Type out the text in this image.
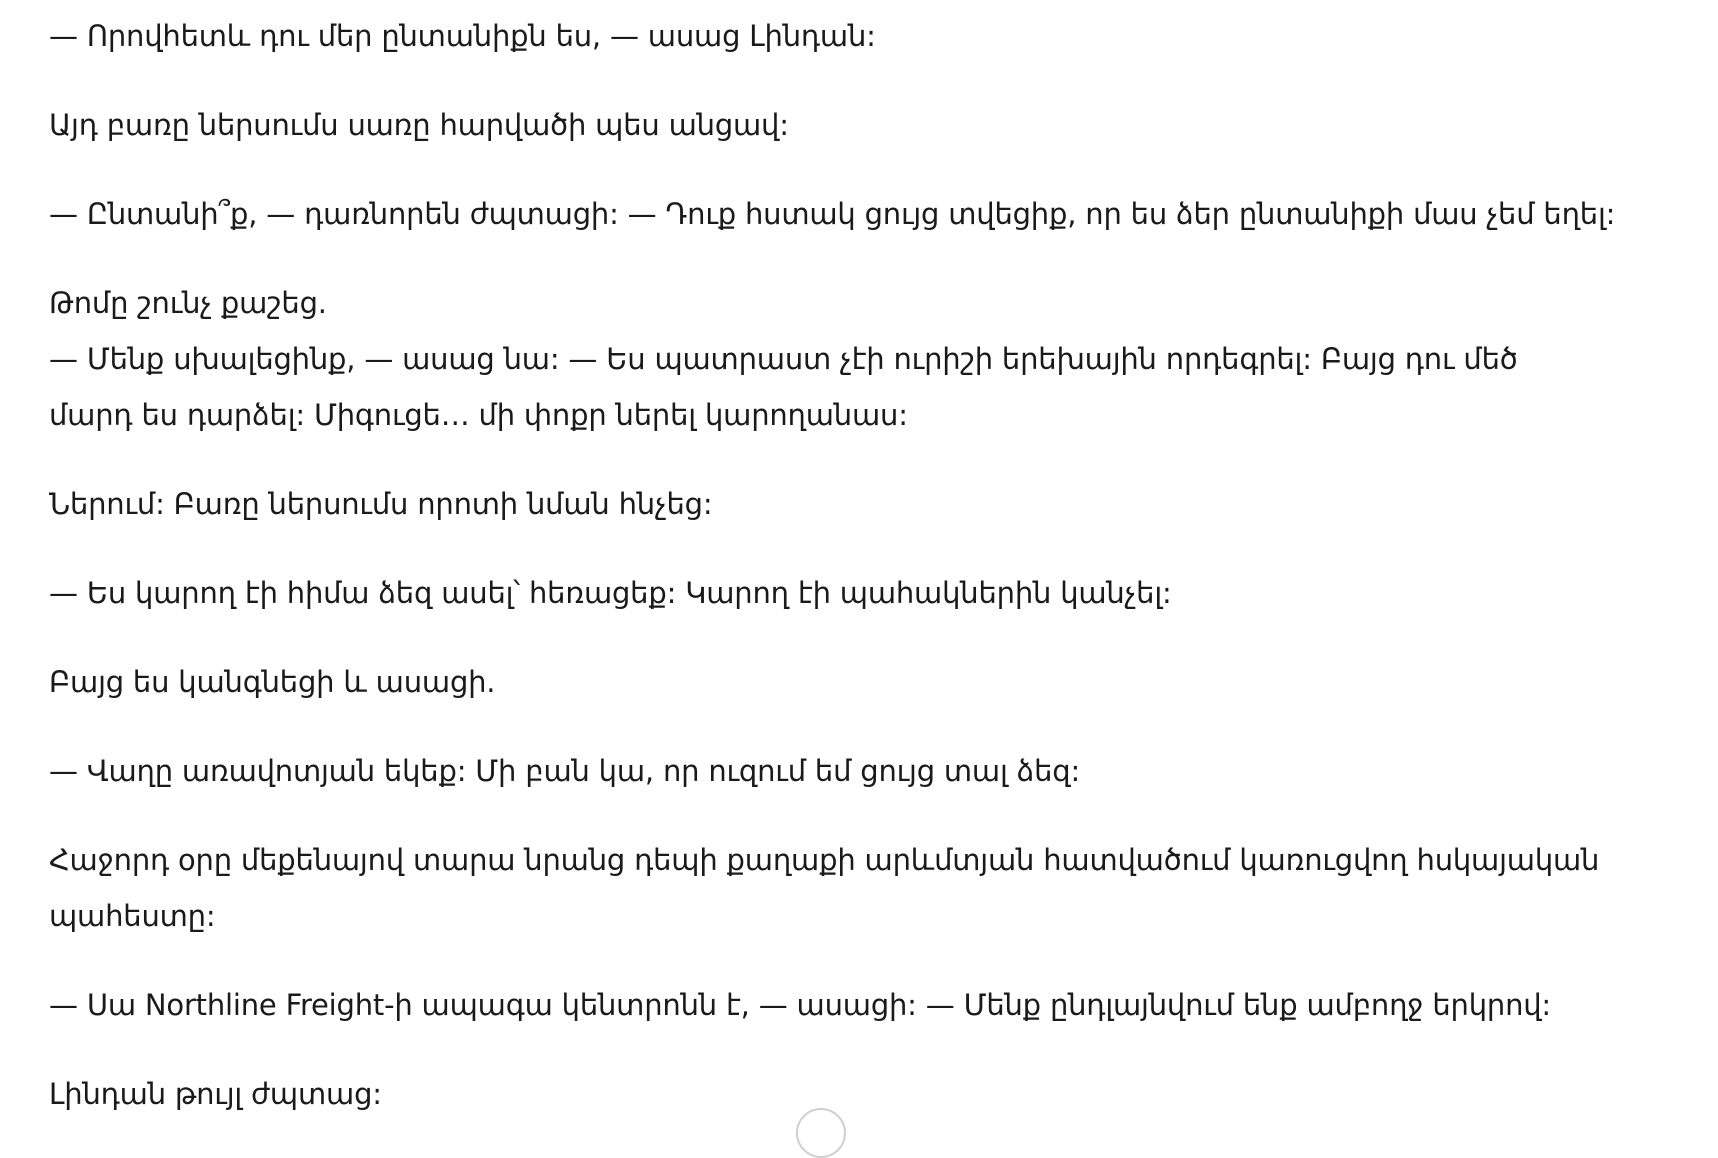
— Որովհետև դու մեր ընտանիքն ես, — ասաց Լինդան:

Այդ բառը ներսումս սառը հարվածի պես անցավ:

— Ընտանի՞ք, — դառնորեն ժպտացի: — Դուք հստակ ցույց տվեցիք, որ ես ձեր ընտանիքի մաս չեմ եղել:

Թոմը շունչ քաշեց.

— Մենք սխալեցինք, — ասաց նա: — Ես պատրաստ չէի ուրիշի երեխային որդեգրել: Բայց դու մեծ

մարդ ես դարձել: Միգուցե… մի փոքր ներել կարողանաս:

Ներում: Բառը ներսումս որոտի նման հնչեց:

— Ես կարող էի հիմա ձեզ ասել՝ հեռացեք: Կարող էի պահակներին կանչել:

Բայց ես կանգնեցի և ասացի.

— Վաղը առավոտյան եկեք: Մի բան կա, որ ուզում եմ ցույց տալ ձեզ:

Հաջորդ օրը մեքենայով տարա նրանց դեպի քաղաքի արևմտյան հատվածում կառուցվող հսկայական

պահեստը:

— Սա Northline Freight-ի ապագա կենտրոնն է, — ասացի: — Մենք ընդլայնվում ենք ամբողջ երկրով:

Լինդան թույլ ժպտաց:
